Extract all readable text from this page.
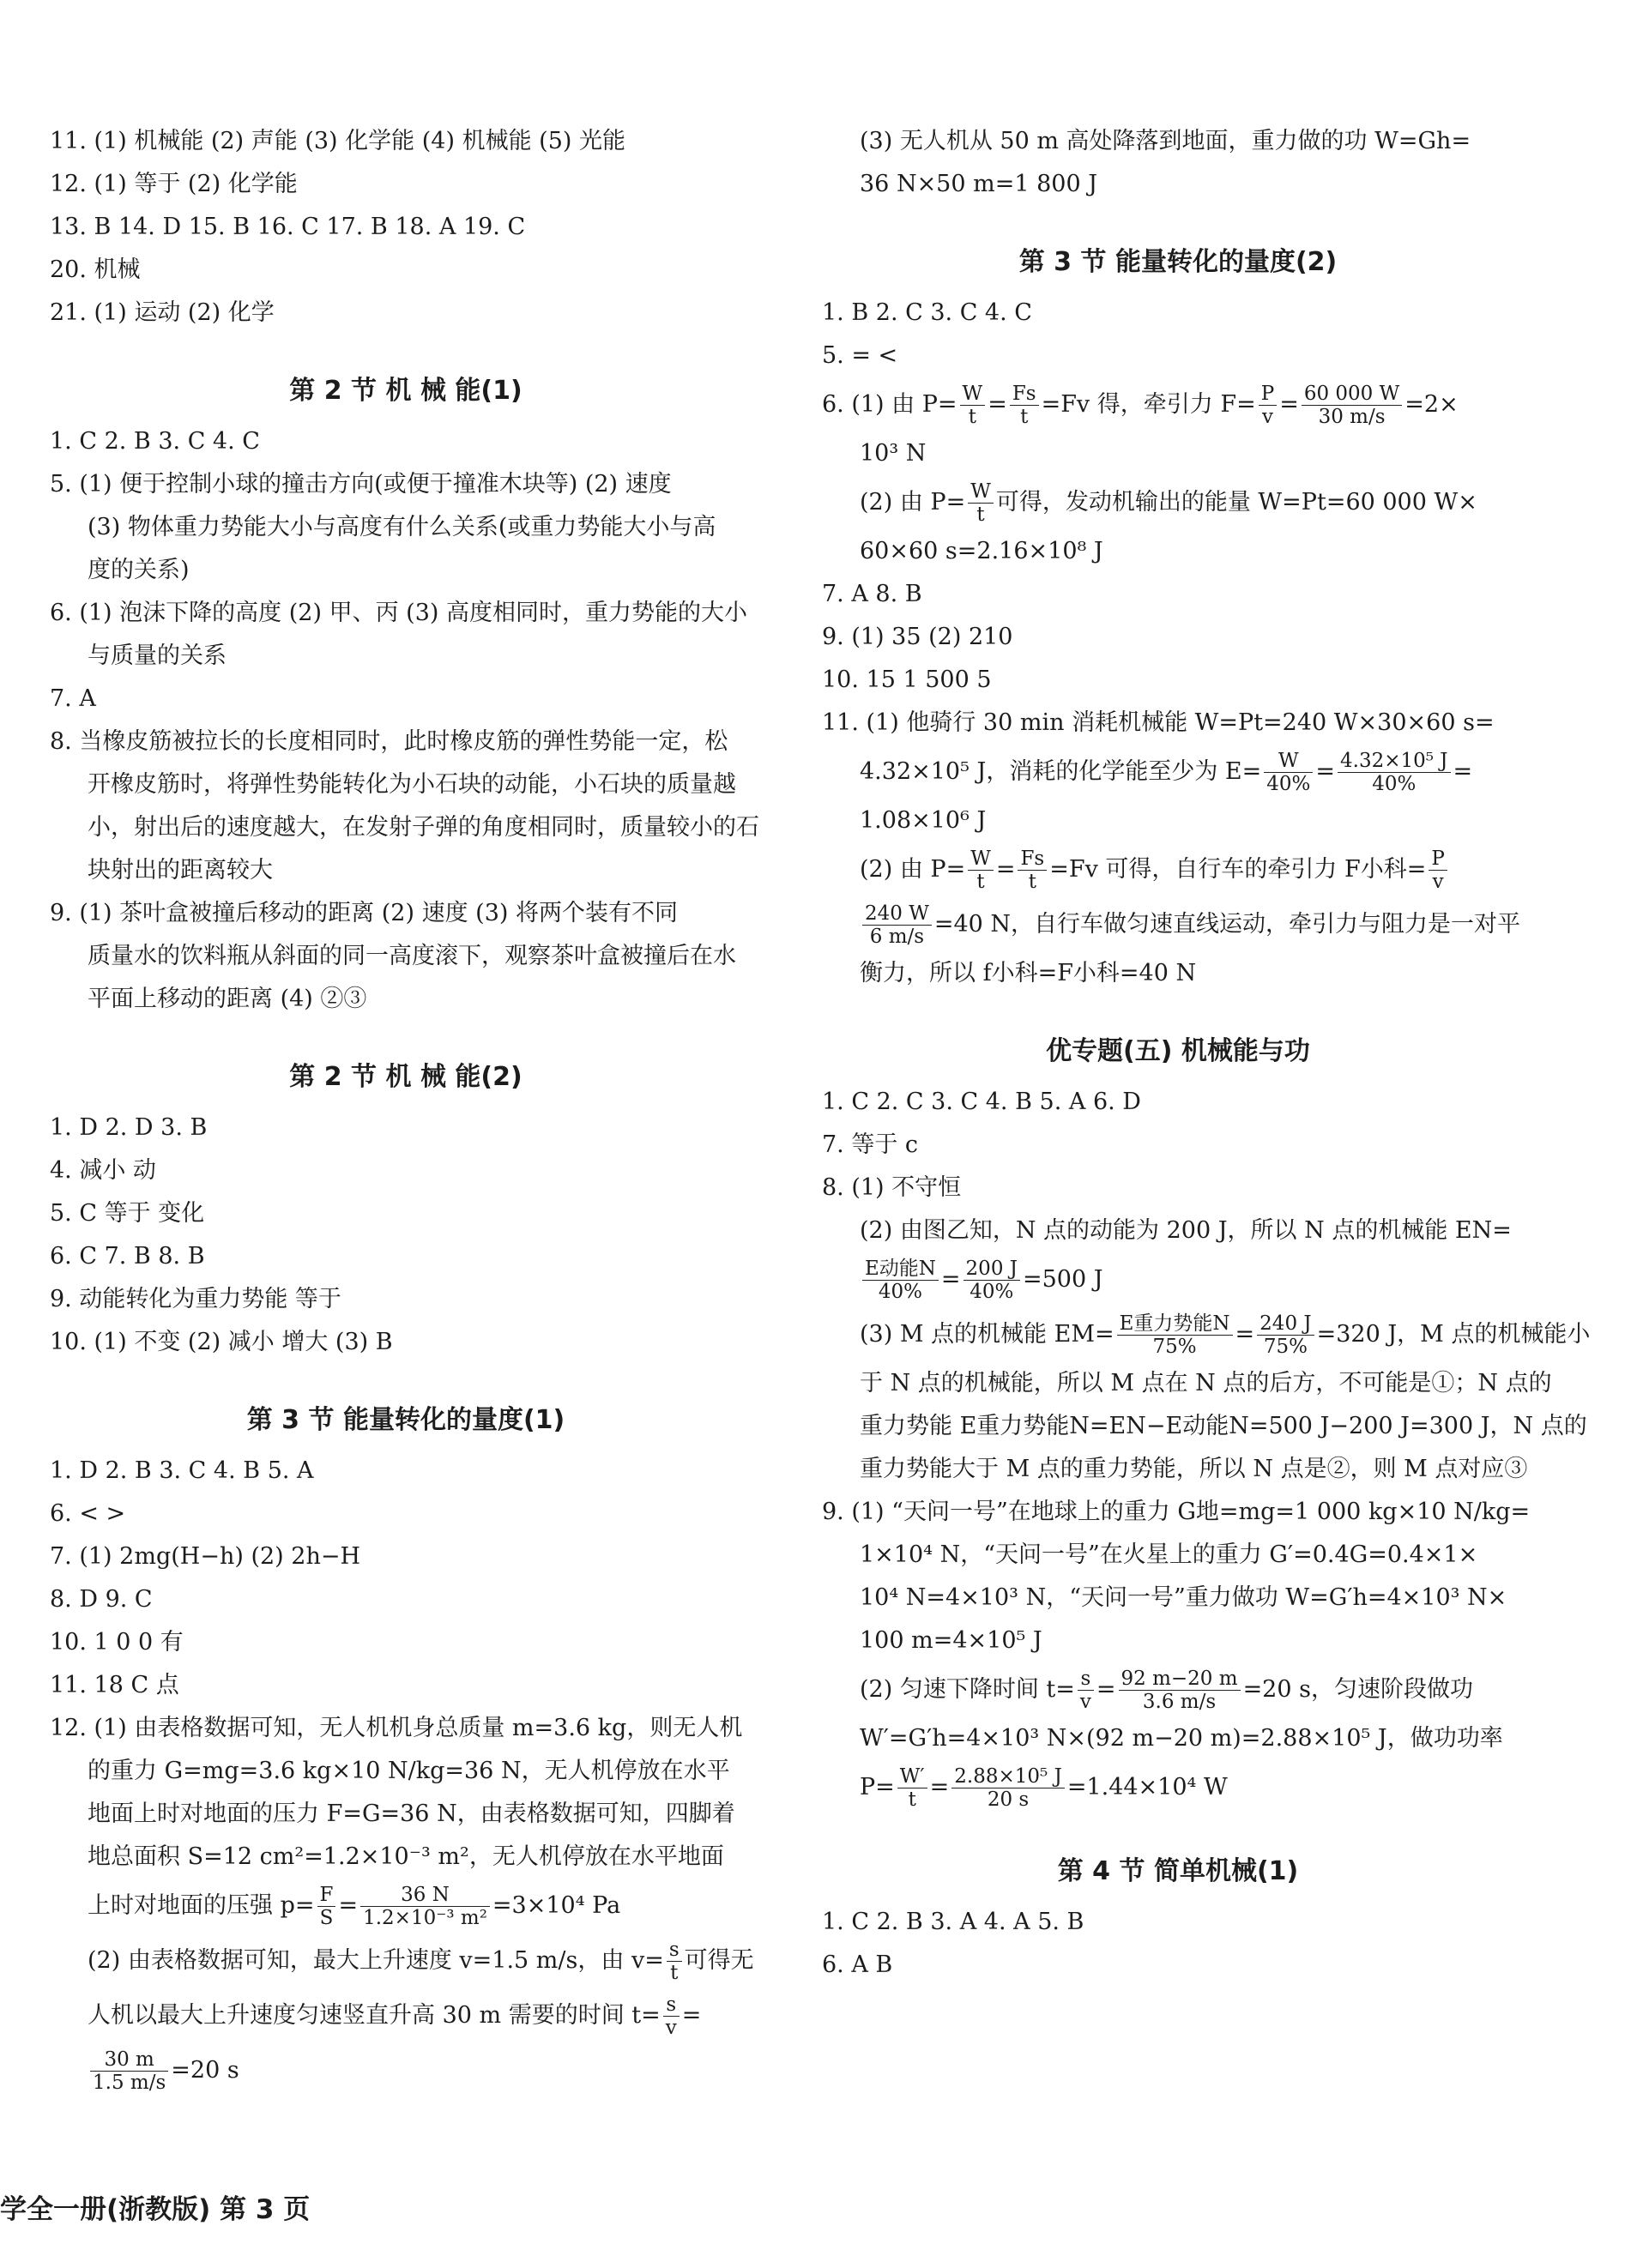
11. (1) 机械能 (2) 声能 (3) 化学能 (4) 机械能 (5) 光能
12. (1) 等于 (2) 化学能
13. B 14. D 15. B 16. C 17. B 18. A 19. C
20. 机械
21. (1) 运动 (2) 化学
第 2 节 机 械 能(1)
1. C 2. B 3. C 4. C
5. (1) 便于控制小球的撞击方向(或便于撞准木块等) (2) 速度
(3) 物体重力势能大小与高度有什么关系(或重力势能大小与高
度的关系)
6. (1) 泡沫下降的高度 (2) 甲、丙 (3) 高度相同时，重力势能的大小
与质量的关系
7. A
8. 当橡皮筋被拉长的长度相同时，此时橡皮筋的弹性势能一定，松
开橡皮筋时，将弹性势能转化为小石块的动能，小石块的质量越
小，射出后的速度越大，在发射子弹的角度相同时，质量较小的石
块射出的距离较大
9. (1) 茶叶盒被撞后移动的距离 (2) 速度 (3) 将两个装有不同
质量水的饮料瓶从斜面的同一高度滚下，观察茶叶盒被撞后在水
平面上移动的距离 (4) ②③
第 2 节 机 械 能(2)
1. D 2. D 3. B
4. 减小 动
5. C 等于 变化
6. C 7. B 8. B
9. 动能转化为重力势能 等于
10. (1) 不变 (2) 减小 增大 (3) B
第 3 节 能量转化的量度(1)
1. D 2. B 3. C 4. B 5. A
6. < >
7. (1) 2mg(H−h) (2) 2h−H
8. D 9. C
10. 1 0 0 有
11. 18 C 点
12. (1) 由表格数据可知，无人机机身总质量 m=3.6 kg，则无人机
的重力 G=mg=3.6 kg×10 N/kg=36 N，无人机停放在水平
地面上时对地面的压力 F=G=36 N，由表格数据可知，四脚着
地总面积 S=12 cm²=1.2×10⁻³ m²，无人机停放在水平地面
上时对地面的压强 $p= \frac{F}{S} = \frac{36 N}{\text{1.2×10⁻³ m²}} =3\times 10^4$ Pa
(2) 由表格数据可知，最大上升速度 v=1.5 m/s，由 $v= \frac{s}{t}$ 可得无
人机以最大上升速度匀速竖直升高 30 m 需要的时间 $t= \frac{s}{v}$ =
$\frac{30 m}{1.5 m/s} =20$ s
(3) 无人机从 50 m 高处降落到地面，重力做的功 W=Gh=
36 N×50 m=1 800 J
第 3 节 能量转化的量度(2)
1. B 2. C 3. C 4. C
5. = <
6. (1) 由 $P= \frac{W}{t} = \frac{Fs}{t} =Fv$ 得，牵引力 $F= \frac{P}{v} = \frac{60 000 W}{30 m/s} =2\times$
10³ N
(2) 由 $P= \frac{W}{t}$ 可得，发动机输出的能量 W=Pt=60 000 W×
60×60 s=2.16×10⁸ J
7. A 8. B
9. (1) 35 (2) 210
10. 15 1 500 5
11. (1) 他骑行 30 min 消耗机械能 W=Pt=240 W×30×60 s=
4.32×10⁵ J，消耗的化学能至少为 $E= \frac{W}{40\%} = \frac{\text{4.32×10⁵ J}}{40\%}$ =
1.08×10⁶ J
(2) 由 $P= \frac{W}{t} = \frac{Fs}{t} =Fv$ 可得，自行车的牵引力 F小科= $\frac{P}{v}$
$\frac{240 W}{6 m/s} =40$ N，自行车做匀速直线运动，牵引力与阻力是一对平
衡力，所以 f小科=F小科=40 N
优专题(五) 机械能与功
1. C 2. C 3. C 4. B 5. A 6. D
7. 等于 c
8. (1) 不守恒
(2) 由图乙知，N 点的动能为 200 J，所以 N 点的机械能 EN=
$\frac{\text{E动能N}}{40\%} = \frac{200 J}{40\%} =500$ J
(3) M 点的机械能 $EM= \frac{\text{E重力势能N}}{75\%} = \frac{240 J}{75\%} =320$ J，M 点的机械能小
于 N 点的机械能，所以 M 点在 N 点的后方，不可能是①；N 点的
重力势能 E重力势能N=EN−E动能N=500 J−200 J=300 J，N 点的
重力势能大于 M 点的重力势能，所以 N 点是②，则 M 点对应③
9. (1) “天问一号”在地球上的重力 G地=mg=1 000 kg×10 N/kg=
1×10⁴ N，“天问一号”在火星上的重力 G′=0.4G=0.4×1×
10⁴ N=4×10³ N，“天问一号”重力做功 W=G′h=4×10³ N×
100 m=4×10⁵ J
(2) 匀速下降时间 $t= \frac{s}{v} = \frac{92 m-20 m}{3.6 m/s} =20$ s，匀速阶段做功
W′=G′h=4×10³ N×(92 m−20 m)=2.88×10⁵ J，做功功率
$P= \frac{W'}{t} = \frac{\text{2.88×10⁵ J}}{20 s} =1.44\times 10^4$ W
第 4 节 简单机械(1)
1. C 2. B 3. A 4. A 5. B
6. A B
学全一册(浙教版) 第 3 页
